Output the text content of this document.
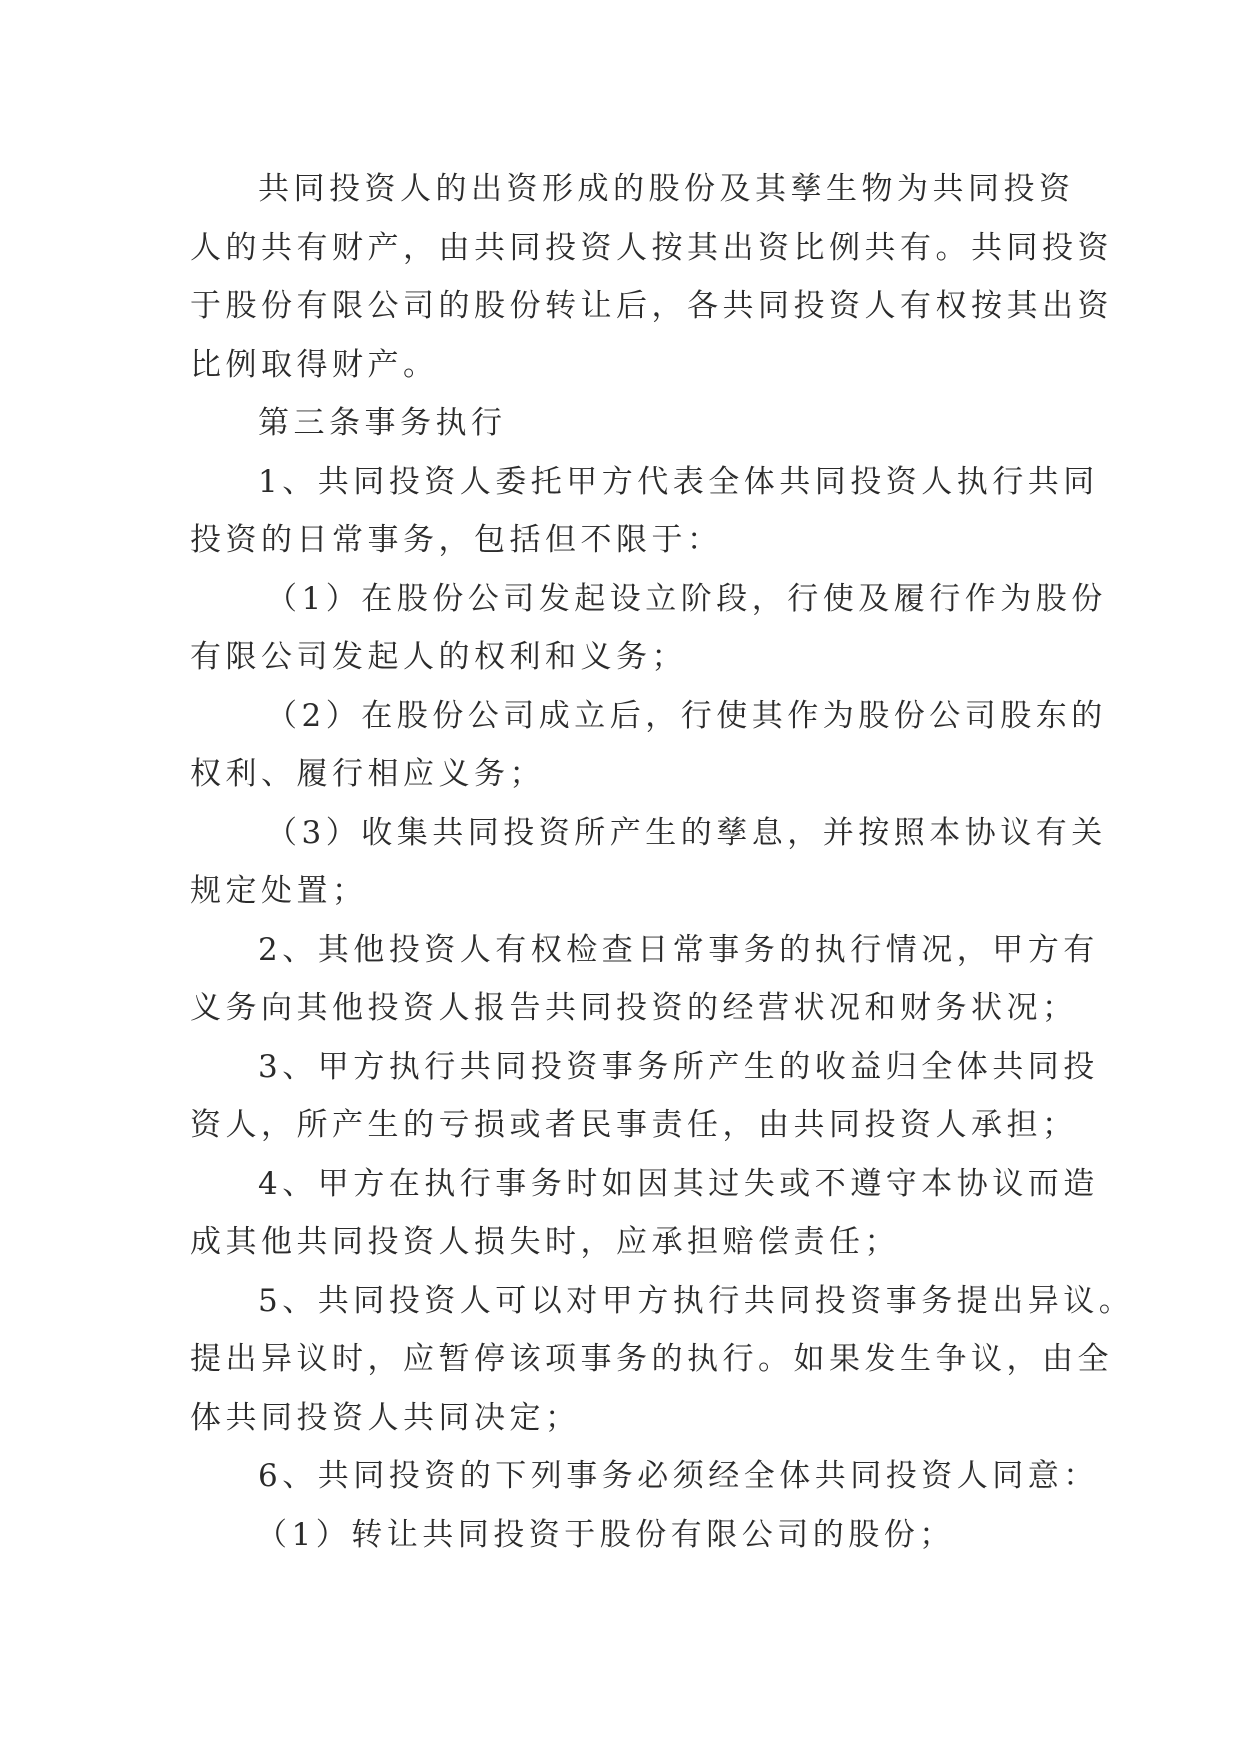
共同投资人的出资形成的股份及其孳生物为共同投资
人的共有财产，由共同投资人按其出资比例共有。共同投资
于股份有限公司的股份转让后，各共同投资人有权按其出资
比例取得财产。
第三条事务执行
1、共同投资人委托甲方代表全体共同投资人执行共同
投资的日常事务，包括但不限于：
（1）在股份公司发起设立阶段，行使及履行作为股份
有限公司发起人的权利和义务；
（2）在股份公司成立后，行使其作为股份公司股东的
权利、履行相应义务；
（3）收集共同投资所产生的孳息，并按照本协议有关
规定处置；
2、其他投资人有权检查日常事务的执行情况，甲方有
义务向其他投资人报告共同投资的经营状况和财务状况；
3、甲方执行共同投资事务所产生的收益归全体共同投
资人，所产生的亏损或者民事责任，由共同投资人承担；
4、甲方在执行事务时如因其过失或不遵守本协议而造
成其他共同投资人损失时，应承担赔偿责任；
5、共同投资人可以对甲方执行共同投资事务提出异议。
提出异议时，应暂停该项事务的执行。如果发生争议，由全
体共同投资人共同决定；
6、共同投资的下列事务必须经全体共同投资人同意：
（1）转让共同投资于股份有限公司的股份；
